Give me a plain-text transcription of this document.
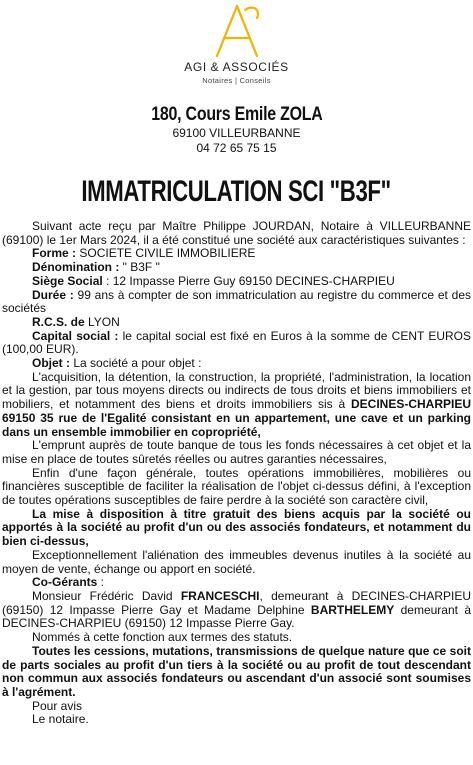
AGI & ASSOCIÉS
Notaires | Conseils
180, Cours Emile ZOLA
69100 VILLEURBANNE
04 72 65 75 15
IMMATRICULATION SCI "B3F"

Suivant acte reçu par Maître Philippe JOURDAN, Notaire à VILLEURBANNE (69100) le 1er Mars 2024, il a été constitué une société aux caractéristiques suivantes :

Forme : SOCIETE CIVILE IMMOBILIERE

Dénomination : " B3F "

Siège Social : 12 Impasse Pierre Guy 69150 DECINES-CHARPIEU

Durée : 99 ans à compter de son immatriculation au registre du commerce et des sociétés

R.C.S. de LYON

Capital social : le capital social est fixé en Euros à la somme de CENT EUROS (100,00 EUR).

Objet : La société a pour objet :

L'acquisition, la détention, la construction, la propriété, l'administration, la location et la gestion, par tous moyens directs ou indirects de tous droits et biens immobiliers et mobiliers, et notamment des biens et droits immobiliers sis à DECINES-CHARPIEU 69150 35 rue de l'Egalité consistant en un appartement, une cave et un parking dans un ensemble immobilier en copropriété,

L'emprunt auprès de toute banque de tous les fonds nécessaires à cet objet et la mise en place de toutes sûretés réelles ou autres garanties nécessaires,

Enfin d'une façon générale, toutes opérations immobilières, mobilières ou financières susceptible de faciliter la réalisation de l'objet ci-dessus défini, à l'exception de toutes opérations susceptibles de faire perdre à la société son caractère civil,

La mise à disposition à titre gratuit des biens acquis par la société ou apportés à la société au profit d'un ou des associés fondateurs, et notamment du bien ci-dessus,

Exceptionnellement l'aliénation des immeubles devenus inutiles à la société au moyen de vente, échange ou apport en société.

Co-Gérants :

Monsieur Frédéric David FRANCESCHI, demeurant à DECINES-CHARPIEU (69150) 12 Impasse Pierre Gay et Madame Delphine BARTHELEMY demeurant à DECINES-CHARPIEU (69150) 12 Impasse Pierre Gay.

Nommés à cette fonction aux termes des statuts.

Toutes les cessions, mutations, transmissions de quelque nature que ce soit de parts sociales au profit d'un tiers à la société ou au profit de tout descendant non commun aux associés fondateurs ou ascendant d'un associé sont soumises à l'agrément.

Pour avis

Le notaire.
